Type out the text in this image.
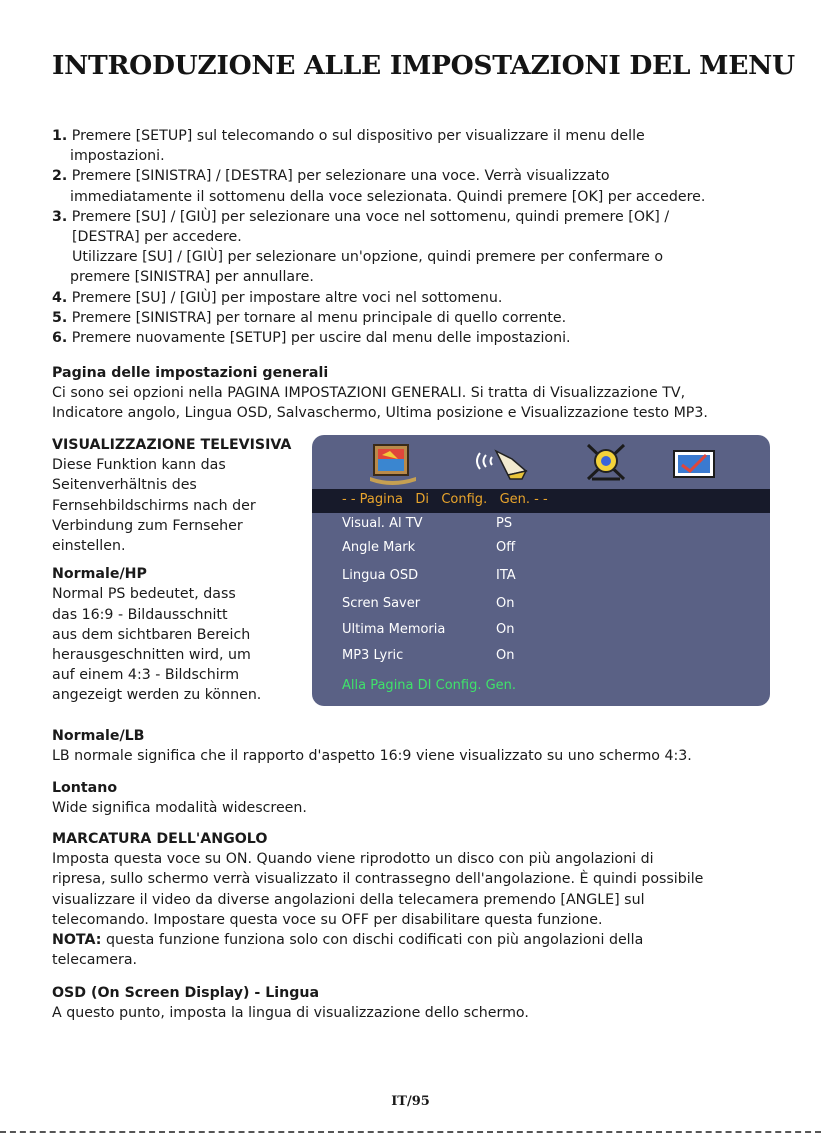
INTRODUZIONE ALLE IMPOSTAZIONI DEL MENU
1. Premere [SETUP] sul telecomando o sul dispositivo per visualizzare il menu delle
impostazioni.
2. Premere [SINISTRA] / [DESTRA] per selezionare una voce. Verrà visualizzato
immediatamente il sottomenu della voce selezionata. Quindi premere [OK] per accedere.
3. Premere [SU] / [GIÙ] per selezionare una voce nel sottomenu, quindi premere [OK] /
[DESTRA] per accedere.
Utilizzare [SU] / [GIÙ] per selezionare un'opzione, quindi premere per confermare o
premere [SINISTRA] per annullare.
4. Premere [SU] / [GIÙ] per impostare altre voci nel sottomenu.
5. Premere [SINISTRA] per tornare al menu principale di quello corrente.
6. Premere nuovamente [SETUP] per uscire dal menu delle impostazioni.
Pagina delle impostazioni generali
Ci sono sei opzioni nella PAGINA IMPOSTAZIONI GENERALI. Si tratta di Visualizzazione TV,
Indicatore angolo, Lingua OSD, Salvaschermo, Ultima posizione e Visualizzazione testo MP3.
VISUALIZZAZIONE TELEVISIVA
Diese Funktion kann das
Seitenverhältnis des
Fernsehbildschirms nach der
Verbindung zum Fernseher
einstellen.
Normale/HP
Normal PS bedeutet, dass
das 16:9 - Bildausschnitt
aus dem sichtbaren Bereich
herausgeschnitten wird, um
auf einem 4:3 - Bildschirm
angezeigt werden zu können.
- - Pagina   Di   Config.   Gen. - -
Visual. Al TV	PS
Angle Mark	Off
Lingua OSD	ITA
Scren Saver	On
Ultima Memoria	On
MP3 Lyric	On
Alla Pagina DI Config. Gen.
Normale/LB
LB normale significa che il rapporto d'aspetto 16:9 viene visualizzato su uno schermo 4:3.
Lontano
Wide significa modalità widescreen.
MARCATURA DELL'ANGOLO
Imposta questa voce su ON. Quando viene riprodotto un disco con più angolazioni di
ripresa, sullo schermo verrà visualizzato il contrassegno dell'angolazione. È quindi possibile
visualizzare il video da diverse angolazioni della telecamera premendo [ANGLE] sul
telecomando. Impostare questa voce su OFF per disabilitare questa funzione.
NOTA: questa funzione funziona solo con dischi codificati con più angolazioni della
telecamera.
OSD (On Screen Display) - Lingua
A questo punto, imposta la lingua di visualizzazione dello schermo.
IT/95
